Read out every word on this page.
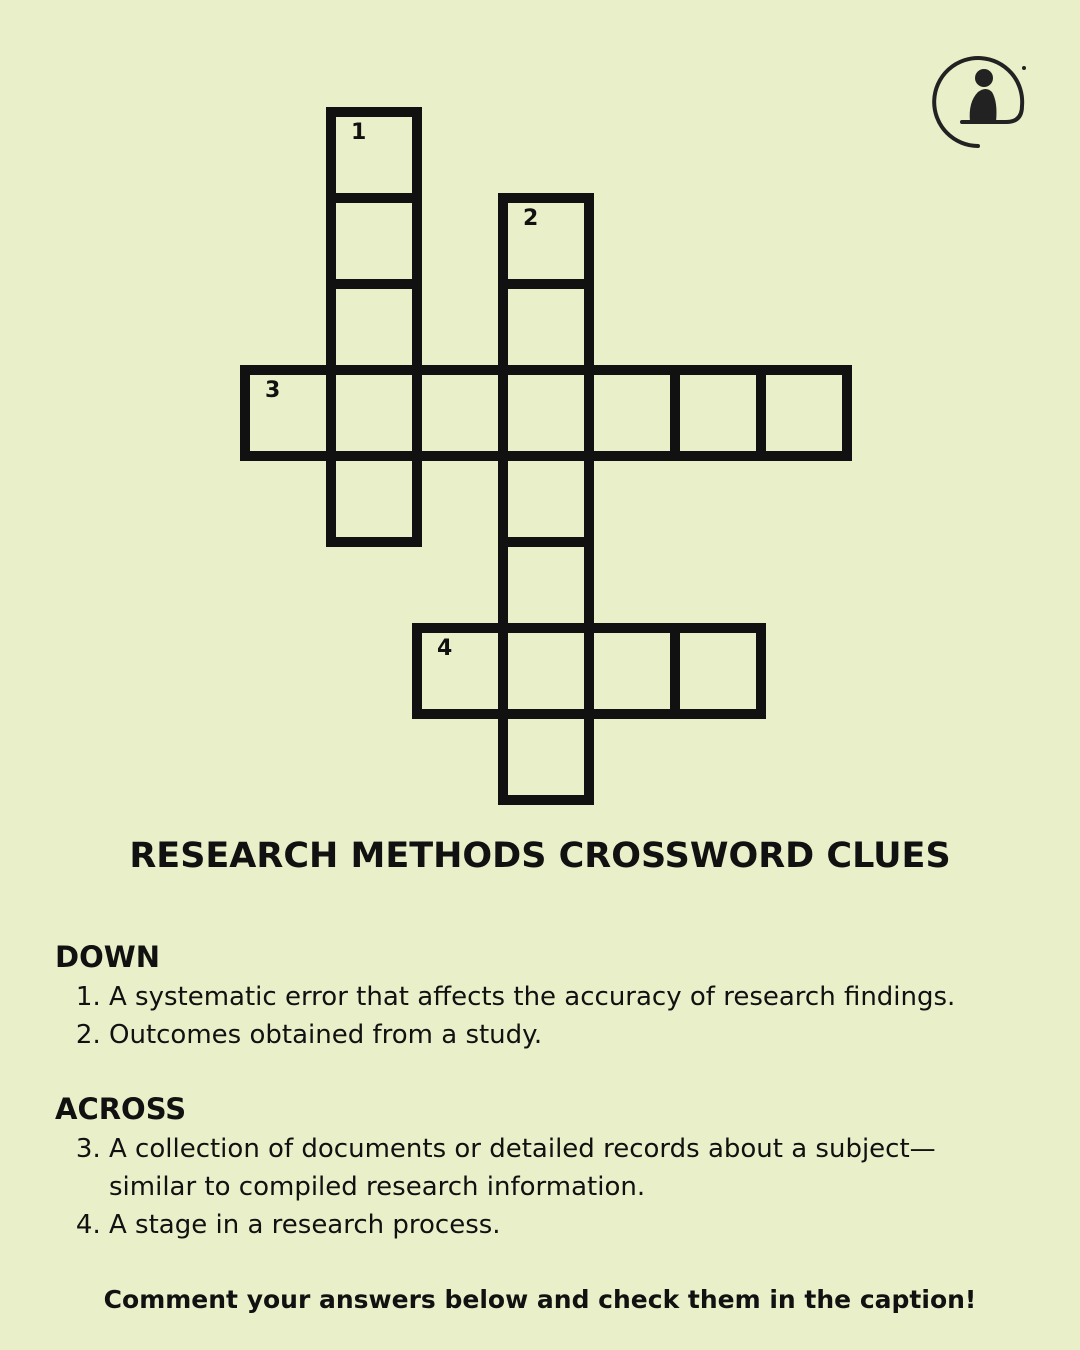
1
2
3
4
RESEARCH METHODS CROSSWORD CLUES
DOWN
1. A systematic error that affects the accuracy of research findings.
2. Outcomes obtained from a study.
ACROSS
3. A collection of documents or detailed records about a subject—similar to compiled research information.
4. A stage in a research process.
Comment your answers below and check them in the caption!
